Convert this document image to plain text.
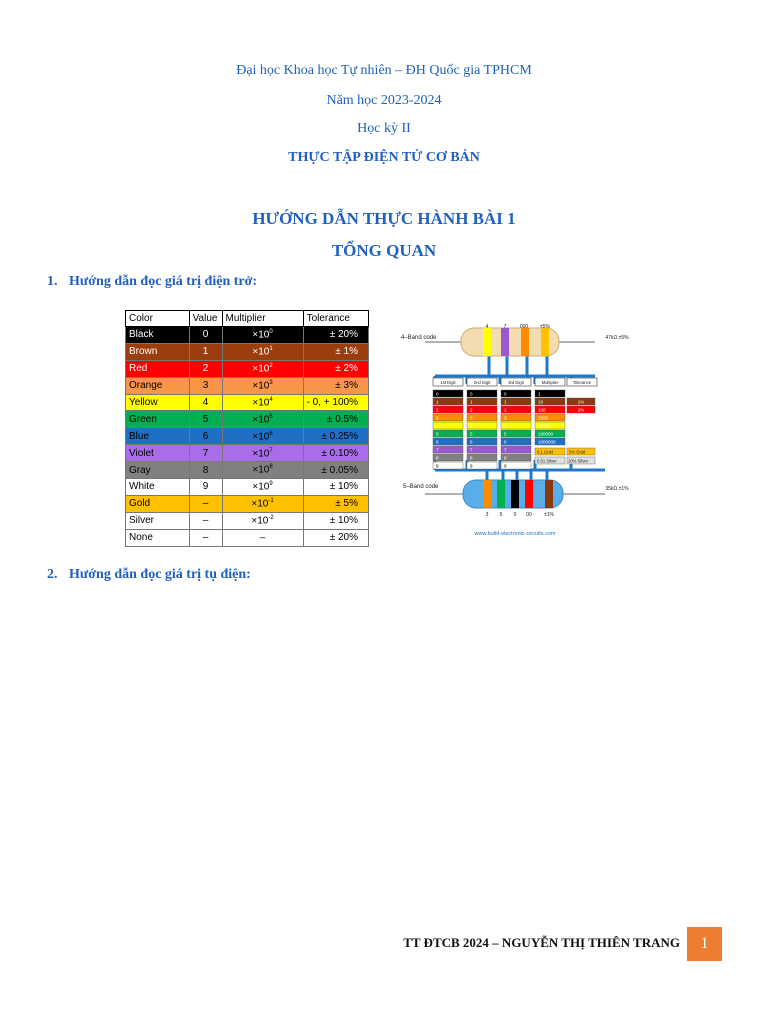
Đại học Khoa học Tự nhiên – ĐH Quốc gia TPHCM
Năm học 2023-2024
Học kỳ II
THỰC TẬP ĐIỆN TỬ CƠ BẢN
HƯỚNG DẪN THỰC HÀNH BÀI 1
TỔNG QUAN
1. Hướng dẫn đọc giá trị điện trở:
Color	Value	Multiplier	Tolerance
Black	0	$\times 10^0$	± 20%
Brown	1	$\times 10^1$	± 1%
Red	2	$\times 10^2$	± 2%
Orange	3	$\times 10^3$	± 3%
Yellow	4	$\times 10^4$	- 0, + 100%
Green	5	$\times 10^5$	± 0.5%
Blue	6	$\times 10^6$	± 0.25%
Violet	7	$\times 10^7$	± 0.10%
Gray	8	$\times 10^8$	± 0.05%
White	9	$\times 10^9$	± 10%
Gold	–	$\times 10^{-1}$	± 5%
Silver	–	$\times 10^{-2}$	± 10%
None	–	–	± 20%
4–Band code
4	7	000 ±5%
47kΩ ±5%
1st Digit	2nd Digit	3rd Digit	Multiplier	Tolerance
0
1
2
3
4
5
6
7
8
9
0
1
2
3
4
5
6
7
8
9
0
1
2
3
4
5
6
7
8
9
1
10
100
1000
10000
100000
1000000
0.1 Gold
0.01 Silver
1%
2%
5% Gold
10% Silver
5–Band code
3 5 0 00 ±1%
35kΩ ±1%
www.build-electronic-circuits.com
2. Hướng dẫn đọc giá trị tụ điện:
TT ĐTCB 2024 – NGUYỄN THỊ THIÊN TRANG	1
